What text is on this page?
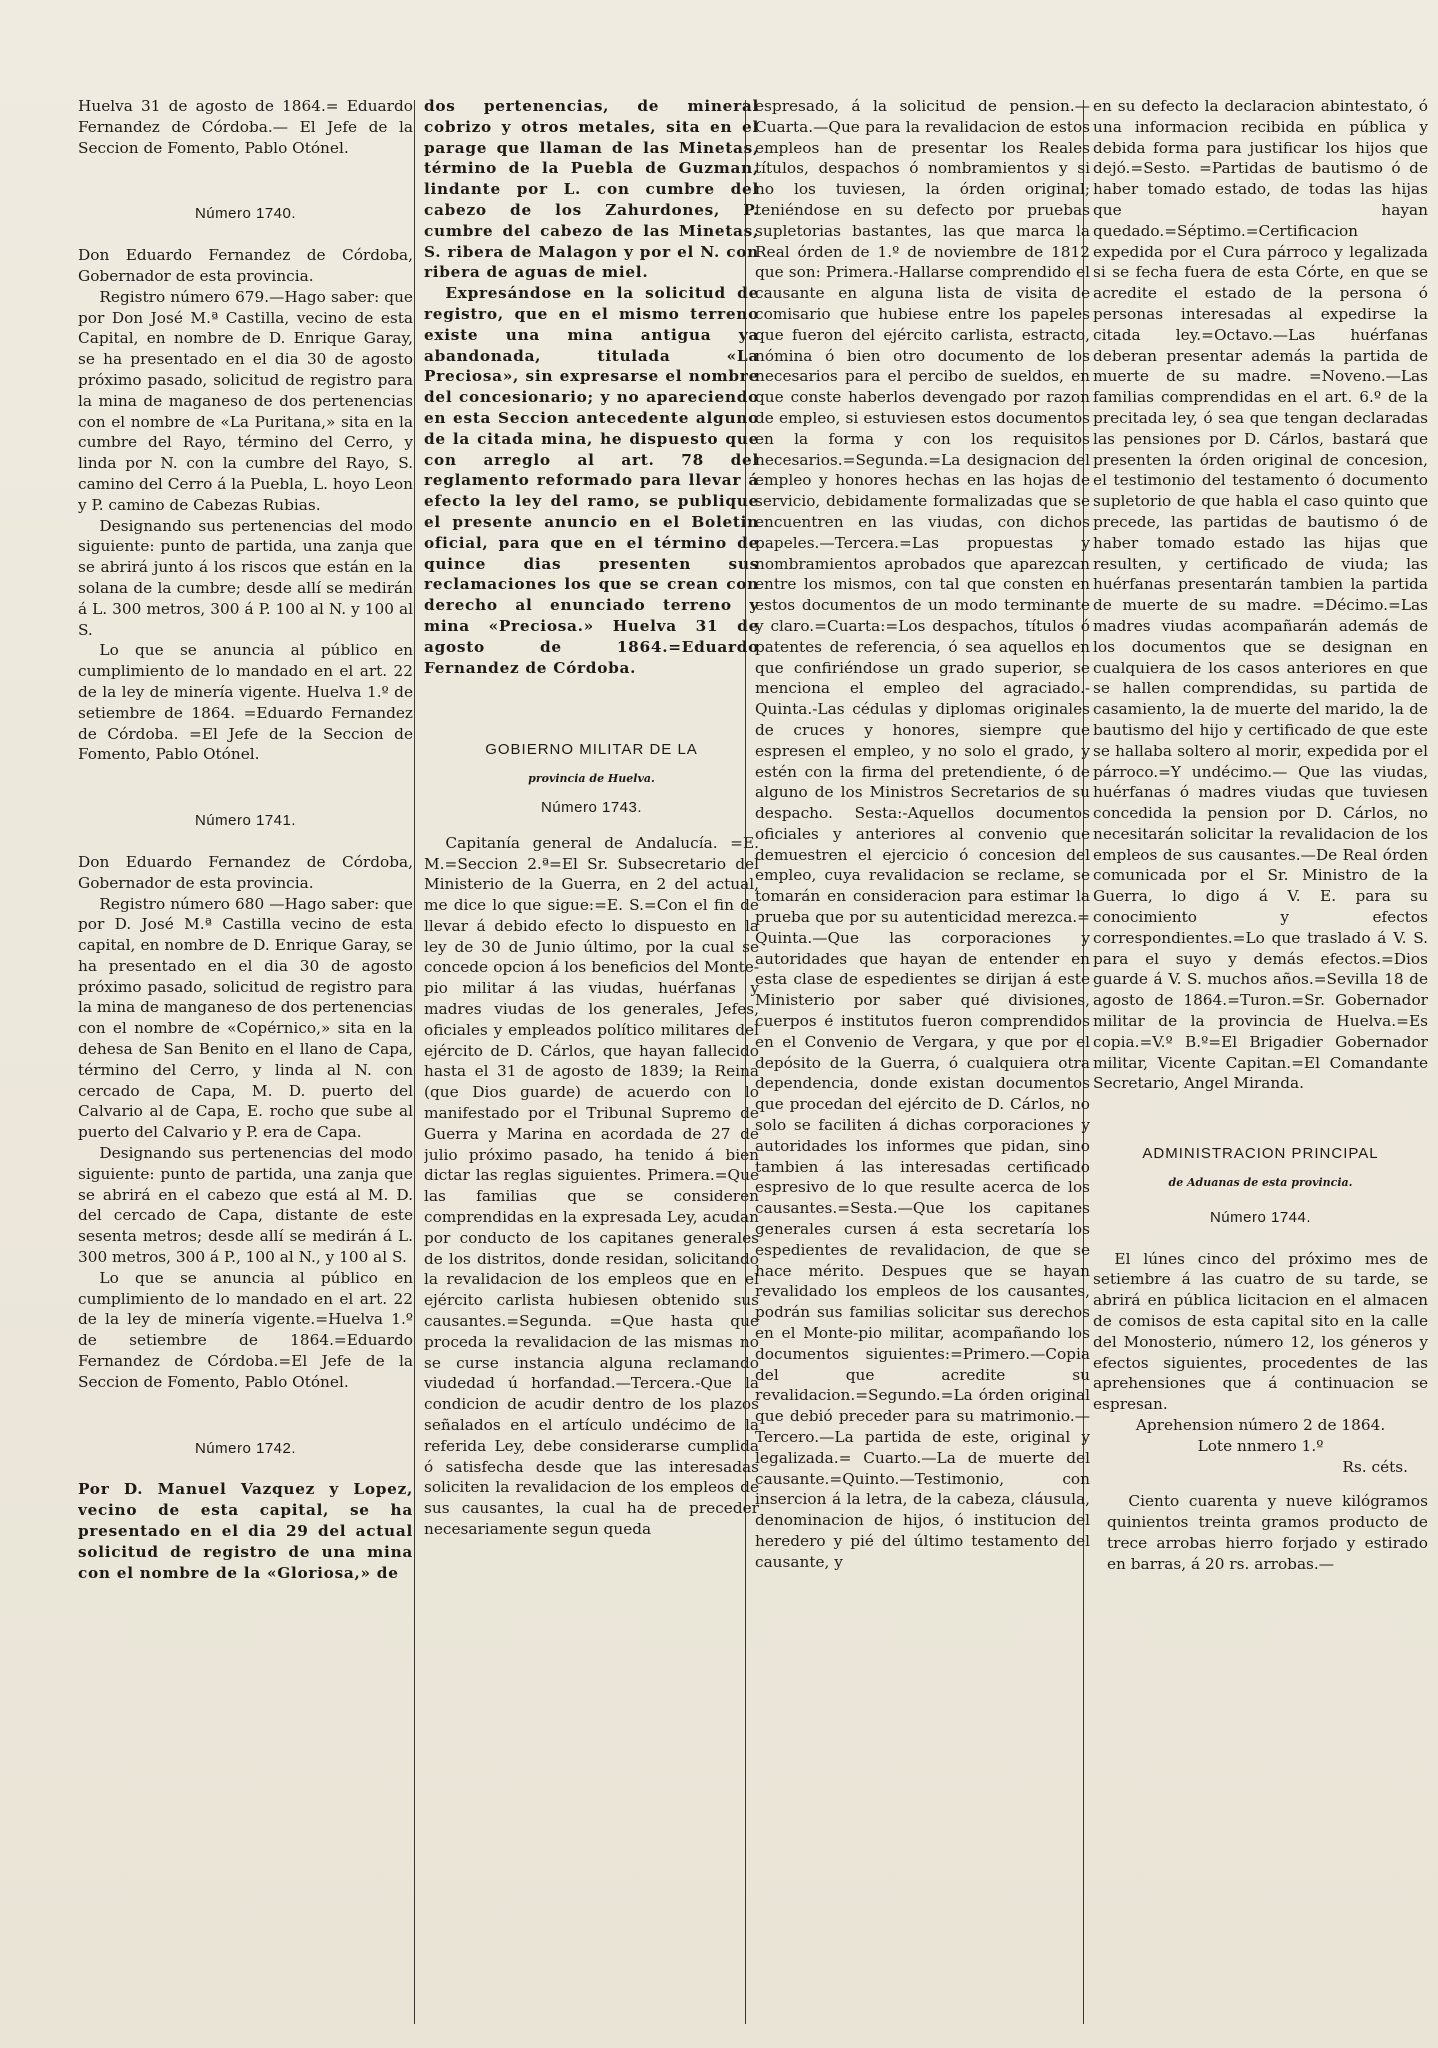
Huelva 31 de agosto de 1864.= Eduardo Fernandez de Córdoba.— El Jefe de la Seccion de Fomento, Pablo Otónel.

Número 1740.

Don Eduardo Fernandez de Córdoba, Gobernador de esta provincia.

Registro número 679.—Hago saber: que por Don José M.ª Castilla, vecino de esta Capital, en nombre de D. Enrique Garay, se ha presentado en el dia 30 de agosto próximo pasado, solicitud de registro para la mina de maganeso de dos pertenencias con el nombre de «La Puritana,» sita en la cumbre del Rayo, término del Cerro, y linda por N. con la cumbre del Rayo, S. camino del Cerro á la Puebla, L. hoyo Leon y P. camino de Cabezas Rubias.

Designando sus pertenencias del modo siguiente: punto de partida, una zanja que se abrirá junto á los riscos que están en la solana de la cumbre; desde allí se medirán á L. 300 metros, 300 á P. 100 al N. y 100 al S.

Lo que se anuncia al público en cumplimiento de lo mandado en el art. 22 de la ley de minería vigente. Huelva 1.º de setiembre de 1864. =Eduardo Fernandez de Córdoba. =El Jefe de la Seccion de Fomento, Pablo Otónel.

Número 1741.

Don Eduardo Fernandez de Córdoba, Gobernador de esta provincia.

Registro número 680 —Hago saber: que por D. José M.ª Castilla vecino de esta capital, en nombre de D. Enrique Garay, se ha presentado en el dia 30 de agosto próximo pasado, solicitud de registro para la mina de manganeso de dos pertenencias con el nombre de «Copérnico,» sita en la dehesa de San Benito en el llano de Capa, término del Cerro, y linda al N. con cercado de Capa, M. D. puerto del Calvario al de Capa, E. rocho que sube al puerto del Calvario y P. era de Capa.

Designando sus pertenencias del modo siguiente: punto de partida, una zanja que se abrirá en el cabezo que está al M. D. del cercado de Capa, distante de este sesenta metros; desde allí se medirán á L. 300 metros, 300 á P., 100 al N., y 100 al S.

Lo que se anuncia al público en cumplimiento de lo mandado en el art. 22 de la ley de minería vigente.=Huelva 1.º de setiembre de 1864.=Eduardo Fernandez de Córdoba.=El Jefe de la Seccion de Fomento, Pablo Otónel.

Número 1742.

Por D. Manuel Vazquez y Lopez, vecino de esta capital, se ha presentado en el dia 29 del actual solicitud de registro de una mina con el nombre de la «Gloriosa,» de

dos pertenencias, de mineral cobrizo y otros metales, sita en el parage que llaman de las Minetas, término de la Puebla de Guzman, lindante por L. con cumbre del cabezo de los Zahurdones, P. cumbre del cabezo de las Minetas, S. ribera de Malagon y por el N. con ribera de aguas de miel.

Expresándose en la solicitud de registro, que en el mismo terreno existe una mina antigua ya abandonada, titulada «La Preciosa», sin expresarse el nombre del concesionario; y no apareciendo en esta Seccion antecedente alguno de la citada mina, he dispuesto que con arreglo al art. 78 del reglamento reformado para llevar á efecto la ley del ramo, se publique el presente anuncio en el Boletin oficial, para que en el término de quince dias presenten sus reclamaciones los que se crean con derecho al enunciado terreno y mina «Preciosa.» Huelva 31 de agosto de 1864.=Eduardo Fernandez de Córdoba.

GOBIERNO MILITAR DE LA
provincia de Huelva.
Número 1743.

Capitanía general de Andalucía. =E. M.=Seccion 2.ª=El Sr. Subsecretario del Ministerio de la Guerra, en 2 del actual, me dice lo que sigue:=E. S.=Con el fin de llevar á debido efecto lo dispuesto en la ley de 30 de Junio último, por la cual se concede opcion á los beneficios del Monte-pio militar á las viudas, huérfanas y madres viudas de los generales, Jefes, oficiales y empleados político militares del ejército de D. Cárlos, que hayan fallecido hasta el 31 de agosto de 1839; la Reina (que Dios guarde) de acuerdo con lo manifestado por el Tribunal Supremo de Guerra y Marina en acordada de 27 de julio próximo pasado, ha tenido á bien dictar las reglas siguientes. Primera.=Que las familias que se consideren comprendidas en la expresada Ley, acudan por conducto de los capitanes generales de los distritos, donde residan, solicitando la revalidacion de los empleos que en el ejército carlista hubiesen obtenido sus causantes.=Segunda. =Que hasta que proceda la revalidacion de las mismas no se curse instancia alguna reclamando viudedad ú horfandad.—Tercera.-Que la condicion de acudir dentro de los plazos señalados en el artículo undécimo de la referida Ley, debe considerarse cumplida ó satisfecha desde que las interesadas soliciten la revalidacion de los empleos de sus causantes, la cual ha de preceder necesariamente segun queda

espresado, á la solicitud de pension.—Cuarta.—Que para la revalidacion de estos empleos han de presentar los Reales títulos, despachos ó nombramientos y si no los tuviesen, la órden original; teniéndose en su defecto por pruebas supletorias bastantes, las que marca la Real órden de 1.º de noviembre de 1812 que son: Primera.-Hallarse comprendido el causante en alguna lista de visita de comisario que hubiese entre los papeles que fueron del ejército carlista, estracto, nómina ó bien otro documento de los necesarios para el percibo de sueldos, en que conste haberlos devengado por razon de empleo, si estuviesen estos documentos en la forma y con los requisitos necesarios.=Segunda.=La designacion del empleo y honores hechas en las hojas de servicio, debidamente formalizadas que se encuentren en las viudas, con dichos papeles.—Tercera.=Las propuestas y nombramientos aprobados que aparezcan entre los mismos, con tal que consten en estos documentos de un modo terminante y claro.=Cuarta:=Los despachos, títulos ó patentes de referencia, ó sea aquellos en que confiriéndose un grado superior, se menciona el empleo del agraciado.-Quinta.-Las cédulas y diplomas originales de cruces y honores, siempre que espresen el empleo, y no solo el grado, y estén con la firma del pretendiente, ó de alguno de los Ministros Secretarios de su despacho. Sesta:-Aquellos documentos oficiales y anteriores al convenio que demuestren el ejercicio ó concesion del empleo, cuya revalidacion se reclame, se tomarán en consideracion para estimar la prueba que por su autenticidad merezca.= Quinta.—Que las corporaciones y autoridades que hayan de entender en esta clase de espedientes se dirijan á este Ministerio por saber qué divisiones, cuerpos é institutos fueron comprendidos en el Convenio de Vergara, y que por el depósito de la Guerra, ó cualquiera otra dependencia, donde existan documentos que procedan del ejército de D. Cárlos, no solo se faciliten á dichas corporaciones y autoridades los informes que pidan, sino tambien á las interesadas certificado espresivo de lo que resulte acerca de los causantes.=Sesta.—Que los capitanes generales cursen á esta secretaría los espedientes de revalidacion, de que se hace mérito. Despues que se hayan revalidado los empleos de los causantes, podrán sus familias solicitar sus derechos en el Monte-pio militar, acompañando los documentos siguientes:=Primero.—Copia del que acredite su revalidacion.=Segundo.=La órden original que debió preceder para su matrimonio.—Tercero.—La partida de este, original y legalizada.= Cuarto.—La de muerte del causante.=Quinto.—Testimonio, con insercion á la letra, de la cabeza, cláusula, denominacion de hijos, ó institucion del heredero y pié del último testamento del causante, y

en su defecto la declaracion abintestato, ó una informacion recibida en pública y debida forma para justificar los hijos que dejó.=Sesto. =Partidas de bautismo ó de haber tomado estado, de todas las hijas que hayan quedado.=Séptimo.=Certificacion expedida por el Cura párroco y legalizada si se fecha fuera de esta Córte, en que se acredite el estado de la persona ó personas interesadas al expedirse la citada ley.=Octavo.—Las huérfanas deberan presentar además la partida de muerte de su madre. =Noveno.—Las familias comprendidas en el art. 6.º de la precitada ley, ó sea que tengan declaradas las pensiones por D. Cárlos, bastará que presenten la órden original de concesion, el testimonio del testamento ó documento supletorio de que habla el caso quinto que precede, las partidas de bautismo ó de haber tomado estado las hijas que resulten, y certificado de viuda; las huérfanas presentarán tambien la partida de muerte de su madre. =Décimo.=Las madres viudas acompañarán además de los documentos que se designan en cualquiera de los casos anteriores en que se hallen comprendidas, su partida de casamiento, la de muerte del marido, la de bautismo del hijo y certificado de que este se hallaba soltero al morir, expedida por el párroco.=Y undécimo.— Que las viudas, huérfanas ó madres viudas que tuviesen concedida la pension por D. Cárlos, no necesitarán solicitar la revalidacion de los empleos de sus causantes.—De Real órden comunicada por el Sr. Ministro de la Guerra, lo digo á V. E. para su conocimiento y efectos correspondientes.=Lo que traslado á V. S. para el suyo y demás efectos.=Dios guarde á V. S. muchos años.=Sevilla 18 de agosto de 1864.=Turon.=Sr. Gobernador militar de la provincia de Huelva.=Es copia.=V.º B.º=El Brigadier Gobernador militar, Vicente Capitan.=El Comandante Secretario, Angel Miranda.

ADMINISTRACION PRINCIPAL
de Aduanas de esta provincia.
Número 1744.

El lúnes cinco del próximo mes de setiembre á las cuatro de su tarde, se abrirá en pública licitacion en el almacen de comisos de esta capital sito en la calle del Monosterio, número 12, los géneros y efectos siguientes, procedentes de las aprehensiones que á continuacion se espresan.

Aprehension número 2 de 1864.

Lote nnmero 1.º

Rs. céts.

Ciento cuarenta y nueve kilógramos quinientos treinta gramos producto de trece arrobas hierro forjado y estirado en barras, á 20 rs. arrobas.—
